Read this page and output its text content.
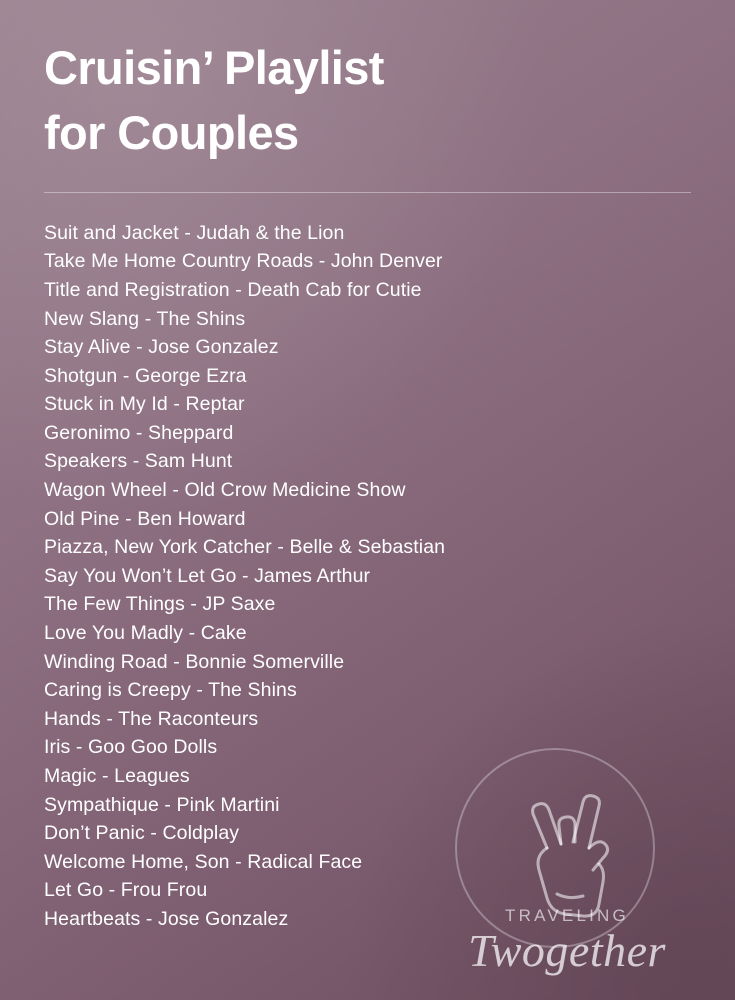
Cruisin’ Playlist
for Couples
Suit and Jacket - Judah & the Lion
Take Me Home Country Roads - John Denver
Title and Registration - Death Cab for Cutie
New Slang - The Shins
Stay Alive - Jose Gonzalez
Shotgun - George Ezra
Stuck in My Id - Reptar
Geronimo - Sheppard
Speakers - Sam Hunt
Wagon Wheel - Old Crow Medicine Show
Old Pine - Ben Howard
Piazza, New York Catcher - Belle & Sebastian
Say You Won’t Let Go - James Arthur
The Few Things - JP Saxe
Love You Madly - Cake
Winding Road - Bonnie Somerville
Caring is Creepy - The Shins
Hands - The Raconteurs
Iris - Goo Goo Dolls
Magic - Leagues
Sympathique - Pink Martini
Don’t Panic - Coldplay
Welcome Home, Son - Radical Face
Let Go - Frou Frou
Heartbeats - Jose Gonzalez	TRAVELING
Twogether
